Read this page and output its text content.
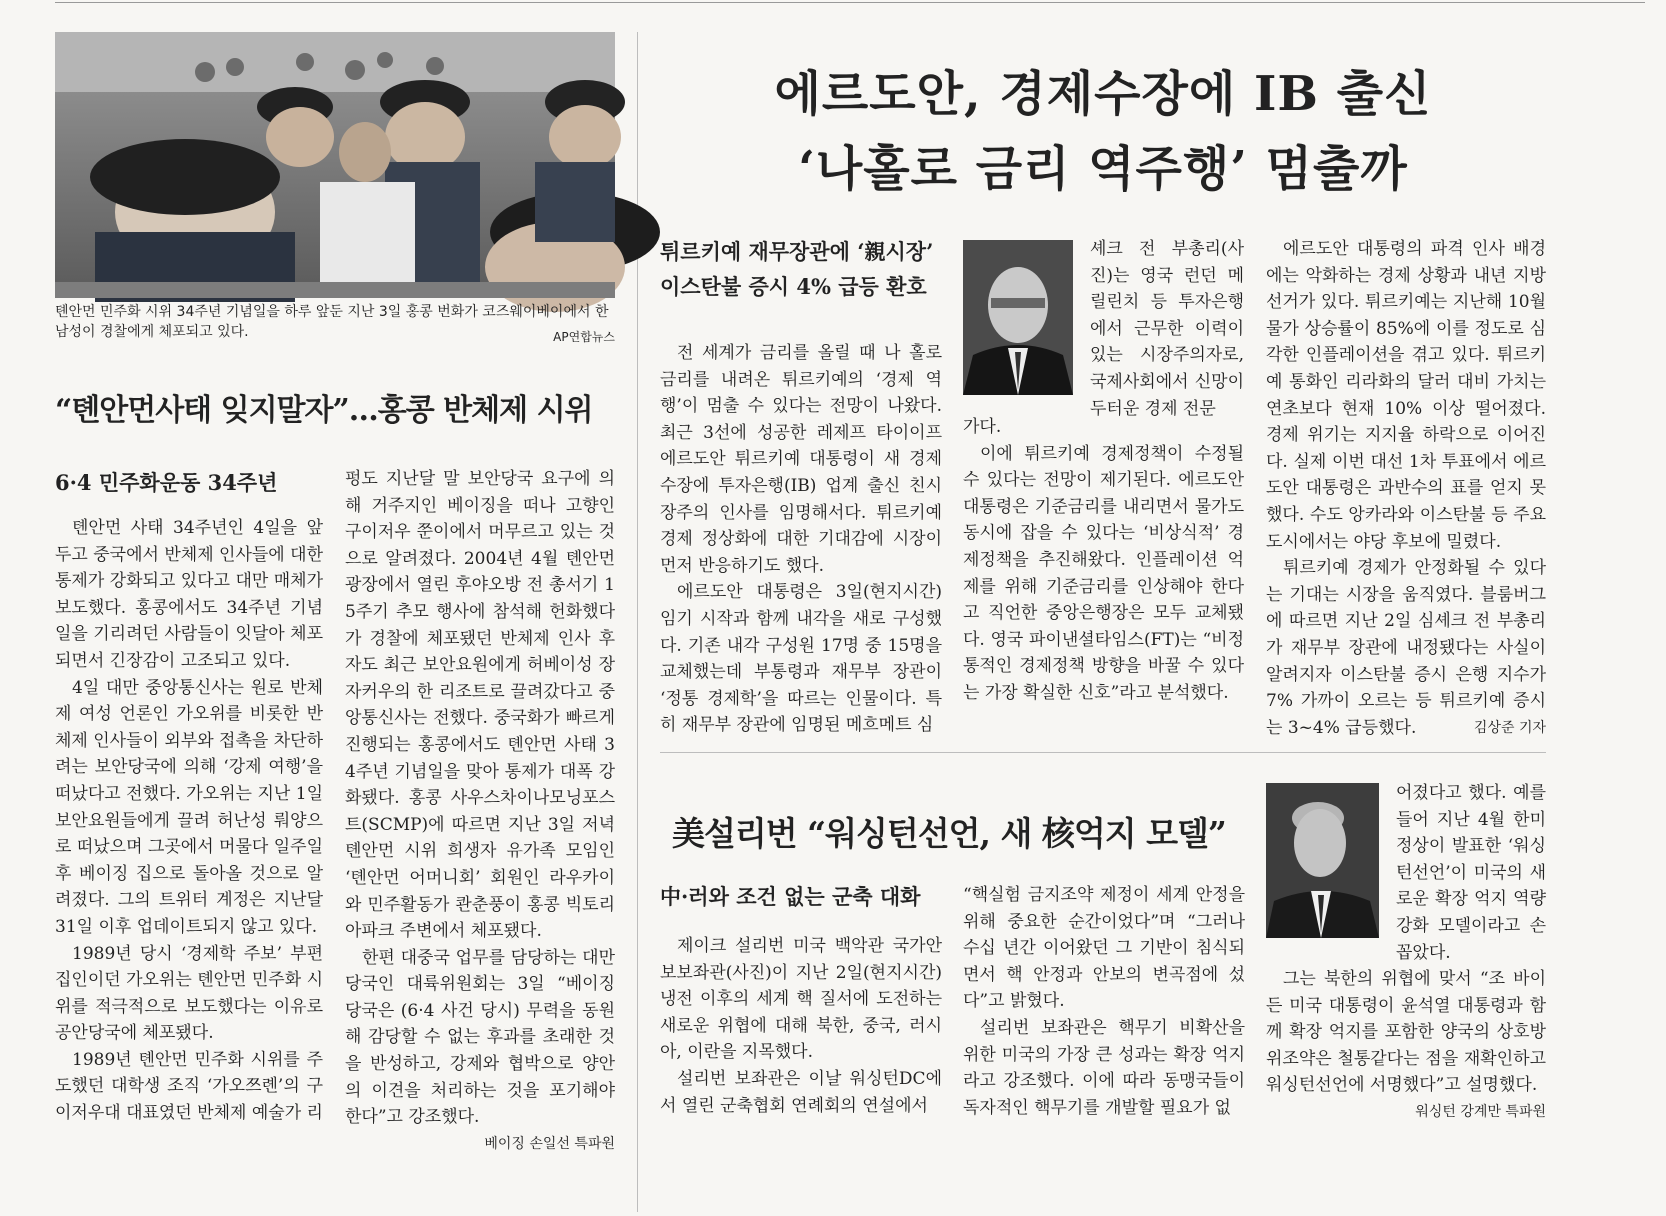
톈안먼 민주화 시위 34주년 기념일을 하루 앞둔 지난 3일 홍콩 번화가 코즈웨이베이에서 한 남성이 경찰에게 체포되고 있다.	AP연합뉴스
“톈안먼사태 잊지말자”…홍콩 반체제 시위
6·4 민주화운동 34주년

톈안먼 사태 34주년인 4일을 앞두고 중국에서 반체제 인사들에 대한 통제가 강화되고 있다고 대만 매체가 보도했다. 홍콩에서도 34주년 기념일을 기리려던 사람들이 잇달아 체포되면서 긴장감이 고조되고 있다.

4일 대만 중앙통신사는 원로 반체제 여성 언론인 가오위를 비롯한 반체제 인사들이 외부와 접촉을 차단하려는 보안당국에 의해 ‘강제 여행’을 떠났다고 전했다. 가오위는 지난 1일 보안요원들에게 끌려 허난성 뤄양으로 떠났으며 그곳에서 머물다 일주일 후 베이징 집으로 돌아올 것으로 알려졌다. 그의 트위터 계정은 지난달 31일 이후 업데이트되지 않고 있다.

1989년 당시 ‘경제학 주보’ 부편집인이던 가오위는 톈안먼 민주화 시위를 적극적으로 보도했다는 이유로 공안당국에 체포됐다.

1989년 톈안먼 민주화 시위를 주도했던 대학생 조직 ‘가오쯔롄’의 구이저우대 대표였던 반체제 예술가 리

펑도 지난달 말 보안당국 요구에 의해 거주지인 베이징을 떠나 고향인 구이저우 쭌이에서 머무르고 있는 것으로 알려졌다. 2004년 4월 톈안먼 광장에서 열린 후야오방 전 총서기 15주기 추모 행사에 참석해 헌화했다가 경찰에 체포됐던 반체제 인사 후자도 최근 보안요원에게 허베이성 장자커우의 한 리조트로 끌려갔다고 중앙통신사는 전했다. 중국화가 빠르게 진행되는 홍콩에서도 톈안먼 사태 34주년 기념일을 맞아 통제가 대폭 강화됐다. 홍콩 사우스차이나모닝포스트(SCMP)에 따르면 지난 3일 저녁 톈안먼 시위 희생자 유가족 모임인 ‘톈안먼 어머니회’ 회원인 라우카이와 민주활동가 콴춘풍이 홍콩 빅토리아파크 주변에서 체포됐다.

한편 대중국 업무를 담당하는 대만 당국인 대륙위원회는 3일 “베이징 당국은 (6·4 사건 당시) 무력을 동원해 감당할 수 없는 후과를 초래한 것을 반성하고, 강제와 협박으로 양안의 이견을 처리하는 것을 포기해야 한다”고 강조했다.
베이징 손일선 특파원

에르도안, 경제수장에 IB 출신
‘나홀로 금리 역주행’ 멈출까
튀르키예 재무장관에 ‘親시장’
이스탄불 증시 4% 급등 환호

전 세계가 금리를 올릴 때 나 홀로 금리를 내려온 튀르키예의 ‘경제 역행’이 멈출 수 있다는 전망이 나왔다. 최근 3선에 성공한 레제프 타이이프 에르도안 튀르키예 대통령이 새 경제 수장에 투자은행(IB) 업계 출신 친시장주의 인사를 임명해서다. 튀르키예 경제 정상화에 대한 기대감에 시장이 먼저 반응하기도 했다.

에르도안 대통령은 3일(현지시간) 임기 시작과 함께 내각을 새로 구성했다. 기존 내각 구성원 17명 중 15명을 교체했는데 부통령과 재무부 장관이 ‘정통 경제학’을 따르는 인물이다. 특히 재무부 장관에 임명된 메흐메트 심

셰크 전 부총리(사진)는 영국 런던 메릴린치 등 투자은행에서 근무한 이력이 있는 시장주의자로, 국제사회에서 신망이 두터운 경제 전문

가다.

이에 튀르키예 경제정책이 수정될 수 있다는 전망이 제기된다. 에르도안 대통령은 기준금리를 내리면서 물가도 동시에 잡을 수 있다는 ‘비상식적’ 경제정책을 추진해왔다. 인플레이션 억제를 위해 기준금리를 인상해야 한다고 직언한 중앙은행장은 모두 교체됐다. 영국 파이낸셜타임스(FT)는 “비정통적인 경제정책 방향을 바꿀 수 있다는 가장 확실한 신호”라고 분석했다.

에르도안 대통령의 파격 인사 배경에는 악화하는 경제 상황과 내년 지방선거가 있다. 튀르키예는 지난해 10월 물가 상승률이 85%에 이를 정도로 심각한 인플레이션을 겪고 있다. 튀르키예 통화인 리라화의 달러 대비 가치는 연초보다 현재 10% 이상 떨어졌다. 경제 위기는 지지율 하락으로 이어진다. 실제 이번 대선 1차 투표에서 에르도안 대통령은 과반수의 표를 얻지 못했다. 수도 앙카라와 이스탄불 등 주요 도시에서는 야당 후보에 밀렸다.

튀르키예 경제가 안정화될 수 있다는 기대는 시장을 움직였다. 블룸버그에 따르면 지난 2일 심셰크 전 부총리가 재무부 장관에 내정됐다는 사실이 알려지자 이스탄불 증시 은행 지수가 7% 가까이 오르는 등 튀르키예 증시는 3~4% 급등했다.	김상준 기자

美설리번 “워싱턴선언, 새 核억지 모델”
中·러와 조건 없는 군축 대화

제이크 설리번 미국 백악관 국가안보보좌관(사진)이 지난 2일(현지시간) 냉전 이후의 세계 핵 질서에 도전하는 새로운 위협에 대해 북한, 중국, 러시아, 이란을 지목했다.

설리번 보좌관은 이날 워싱턴DC에서 열린 군축협회 연례회의 연설에서

“핵실험 금지조약 제정이 세계 안정을 위해 중요한 순간이었다”며 “그러나 수십 년간 이어왔던 그 기반이 침식되면서 핵 안정과 안보의 변곡점에 섰다”고 밝혔다.

설리번 보좌관은 핵무기 비확산을 위한 미국의 가장 큰 성과는 확장 억지라고 강조했다. 이에 따라 동맹국들이 독자적인 핵무기를 개발할 필요가 없

어졌다고 했다. 예를 들어 지난 4월 한미 정상이 발표한 ‘워싱턴선언’이 미국의 새로운 확장 억지 역량 강화 모델이라고 손꼽았다.

그는 북한의 위협에 맞서 “조 바이든 미국 대통령이 윤석열 대통령과 함께 확장 억지를 포함한 양국의 상호방위조약은 철통같다는 점을 재확인하고 워싱턴선언에 서명했다”고 설명했다.
워싱턴 강계만 특파원
